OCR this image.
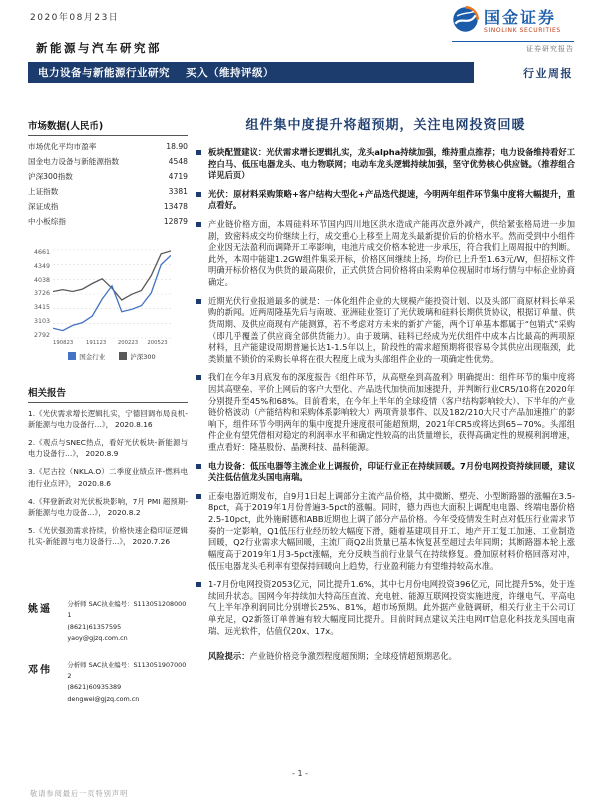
2020年08月23日	国金证券
SINOLINK SECURITIES
证券研究报告
新能源与汽车研究部
电力设备与新能源行业研究 买入（维持评级）	行业周报
市场数据(人民币)
市场优化平均市盈率	18.90
国金电力设备与新能源指数	4548
沪深300指数	4719
上证指数	3381
深证成指	13478
中小板综指	12879
4661
4349
4038
3726
3415
3103
2792
190823 191123 200223 200523
国金行业	沪深300
相关报告
1.《光伏需求增长逻辑扎实，宁德回调布局良机-新能源与电力设备行…》， 2020.8.16
2.《观点与SNEC热点，看好光伏板块-新能源与电力设备行…》， 2020.8.9
3.《尼古拉（NKLA.O）二季度业绩点评-燃料电池行业点评》， 2020.8.6
4.《拜登新政对光伏板块影响，7月 PMI 超预期-新能源与电力设备…》， 2020.8.2
5.《光伏强劲需求持续，价格快速企稳印证逻辑扎实-新能源与电力设备行…》， 2020.7.26
姚遥	分析师 SAC执业编号：S1130512080001
(8621)61357595
yaoy@gjzq.com.cn
邓伟	分析师 SAC执业编号：S1130519070002
(8621)60935389
dengwei@gjzq.com.cn
组件集中度提升将超预期，关注电网投资回暖
板块配置建议：光伏需求增长逻辑扎实，龙头alpha持续加强，维持重点推荐；电力设备维持看好工控白马、低压电器龙头、电力物联网；电动车龙头逻辑持续加强，坚守优势核心供应链。（推荐组合详见后页）
光伏：原材料采购策略+客户结构大型化+产品迭代提速，今明两年组件环节集中度将大幅提升，重点看好。
产业链价格方面，本周硅料环节国内四川地区洪水造成产能再次意外减产，供给紧张格局进一步加剧，致密料成交均价继续上行，成交重心上移至上周龙头最新提价后的价格水平。然而受到中小组件企业因无法盈利而调降开工率影响，电池片成交价格本轮进一步承压，符合我们上周周报中的判断。此外，本周中能建1.2GW组件集采开标，价格区间继续上扬，均价已上升至1.63元/W，但招标文件明确开标价格仅为供货的最高限价，正式供货合同价格将由采购单位视届时市场行情与中标企业协商确定。
近期光伏行业报道最多的就是：一体化组件企业的大规模产能投资计划、以及头部厂商原材料长单采购的新闻。近两周隆基先后与南玻、亚洲硅业签订了光伏玻璃和硅料长期供货协议，根据订单量、供货周期、及供应商现有产能测算，若不考虑对方未来的新扩产能，两个订单基本都属于“包销式”采购（即几乎覆盖了供应商全部供货能力）。由于玻璃、硅料已经成为光伏组件中成本占比最高的两项原材料，且产能建设周期普遍长达1-1.5年以上，阶段性的需求超预期将很容易令其供应出现瓶颈，此类锁量不锁价的采购长单将在很大程度上成为头部组件企业的一项确定性优势。
我们在今年3月底发布的深度报告《组件环节，从高壁垒到高盈利》明确提出：组件环节的集中度将因其高壁垒、平价上网后的客户大型化、产品迭代加快而加速提升，并判断行业CR5/10将在2020年分别提升至45%和68%。目前看来，在今年上半年的全球疫情（客户结构影响较大）、下半年的产业链价格波动（产能结构和采购体系影响较大）两项背景事件、以及182/210大尺寸产品加速推广的影响下，组件环节今明两年的集中度提升速度很可能超预期，2021年CR5或将达到65~70%。头部组件企业有望凭借相对稳定的利润率水平和确定性较高的出货量增长，获得高确定性的规模利润增速，重点看好：隆基股份、晶澳科技、晶科能源。
电力设备：低压电器等主流企业上调报价，印证行业正在持续回暖。7月份电网投资持续回暖，建议关注低估值龙头国电南瑞。
正泰电器近期发布，自9月1日起上调部分主流产品价格，其中微断、塑壳、小型断路器的涨幅在3.5-8pct，高于2019年1月份普遍3-5pct的涨幅。同时，德力西也大面积上调配电电器、终端电器价格2.5-10pct，此外施耐德和ABB近期也上调了部分产品价格。今年受疫情发生时点对低压行业需求节奏的一定影响，Q1低压行业经历较大幅度下滑，随着基建项目开工、地产开工复工加速、工业制造回暖，Q2行业需求大幅回暖，主流厂商Q2出货量已基本恢复甚至超过去年同期；其断路器本轮上涨幅度高于2019年1月3-5pct涨幅，充分反映当前行业景气在持续修复。叠加原材料价格回落对冲，低压电器龙头毛利率有望保持回暖向上趋势，行业盈利能力有望维持较高水准。
1-7月份电网投资2053亿元，同比提升1.6%，其中七月份电网投资396亿元，同比提升5%，处于连续回升状态。国网今年持续加大特高压直流、充电桩、能源互联网投资实施进度，许继电气、平高电气上半年净利润同比分别增长25%、81%，超市场预期。此外据产业链调研，相关行业主干公司订单充足，Q2新签订单普遍有较大幅度同比提升。目前时间点建议关注电网IT信息化科技龙头国电南瑞、远光软件，估值仅20x、17x。
风险提示：产业链价格竞争激烈程度超预期；全球疫情超预期恶化。
- 1 -
敬请参阅最后一页特别声明
